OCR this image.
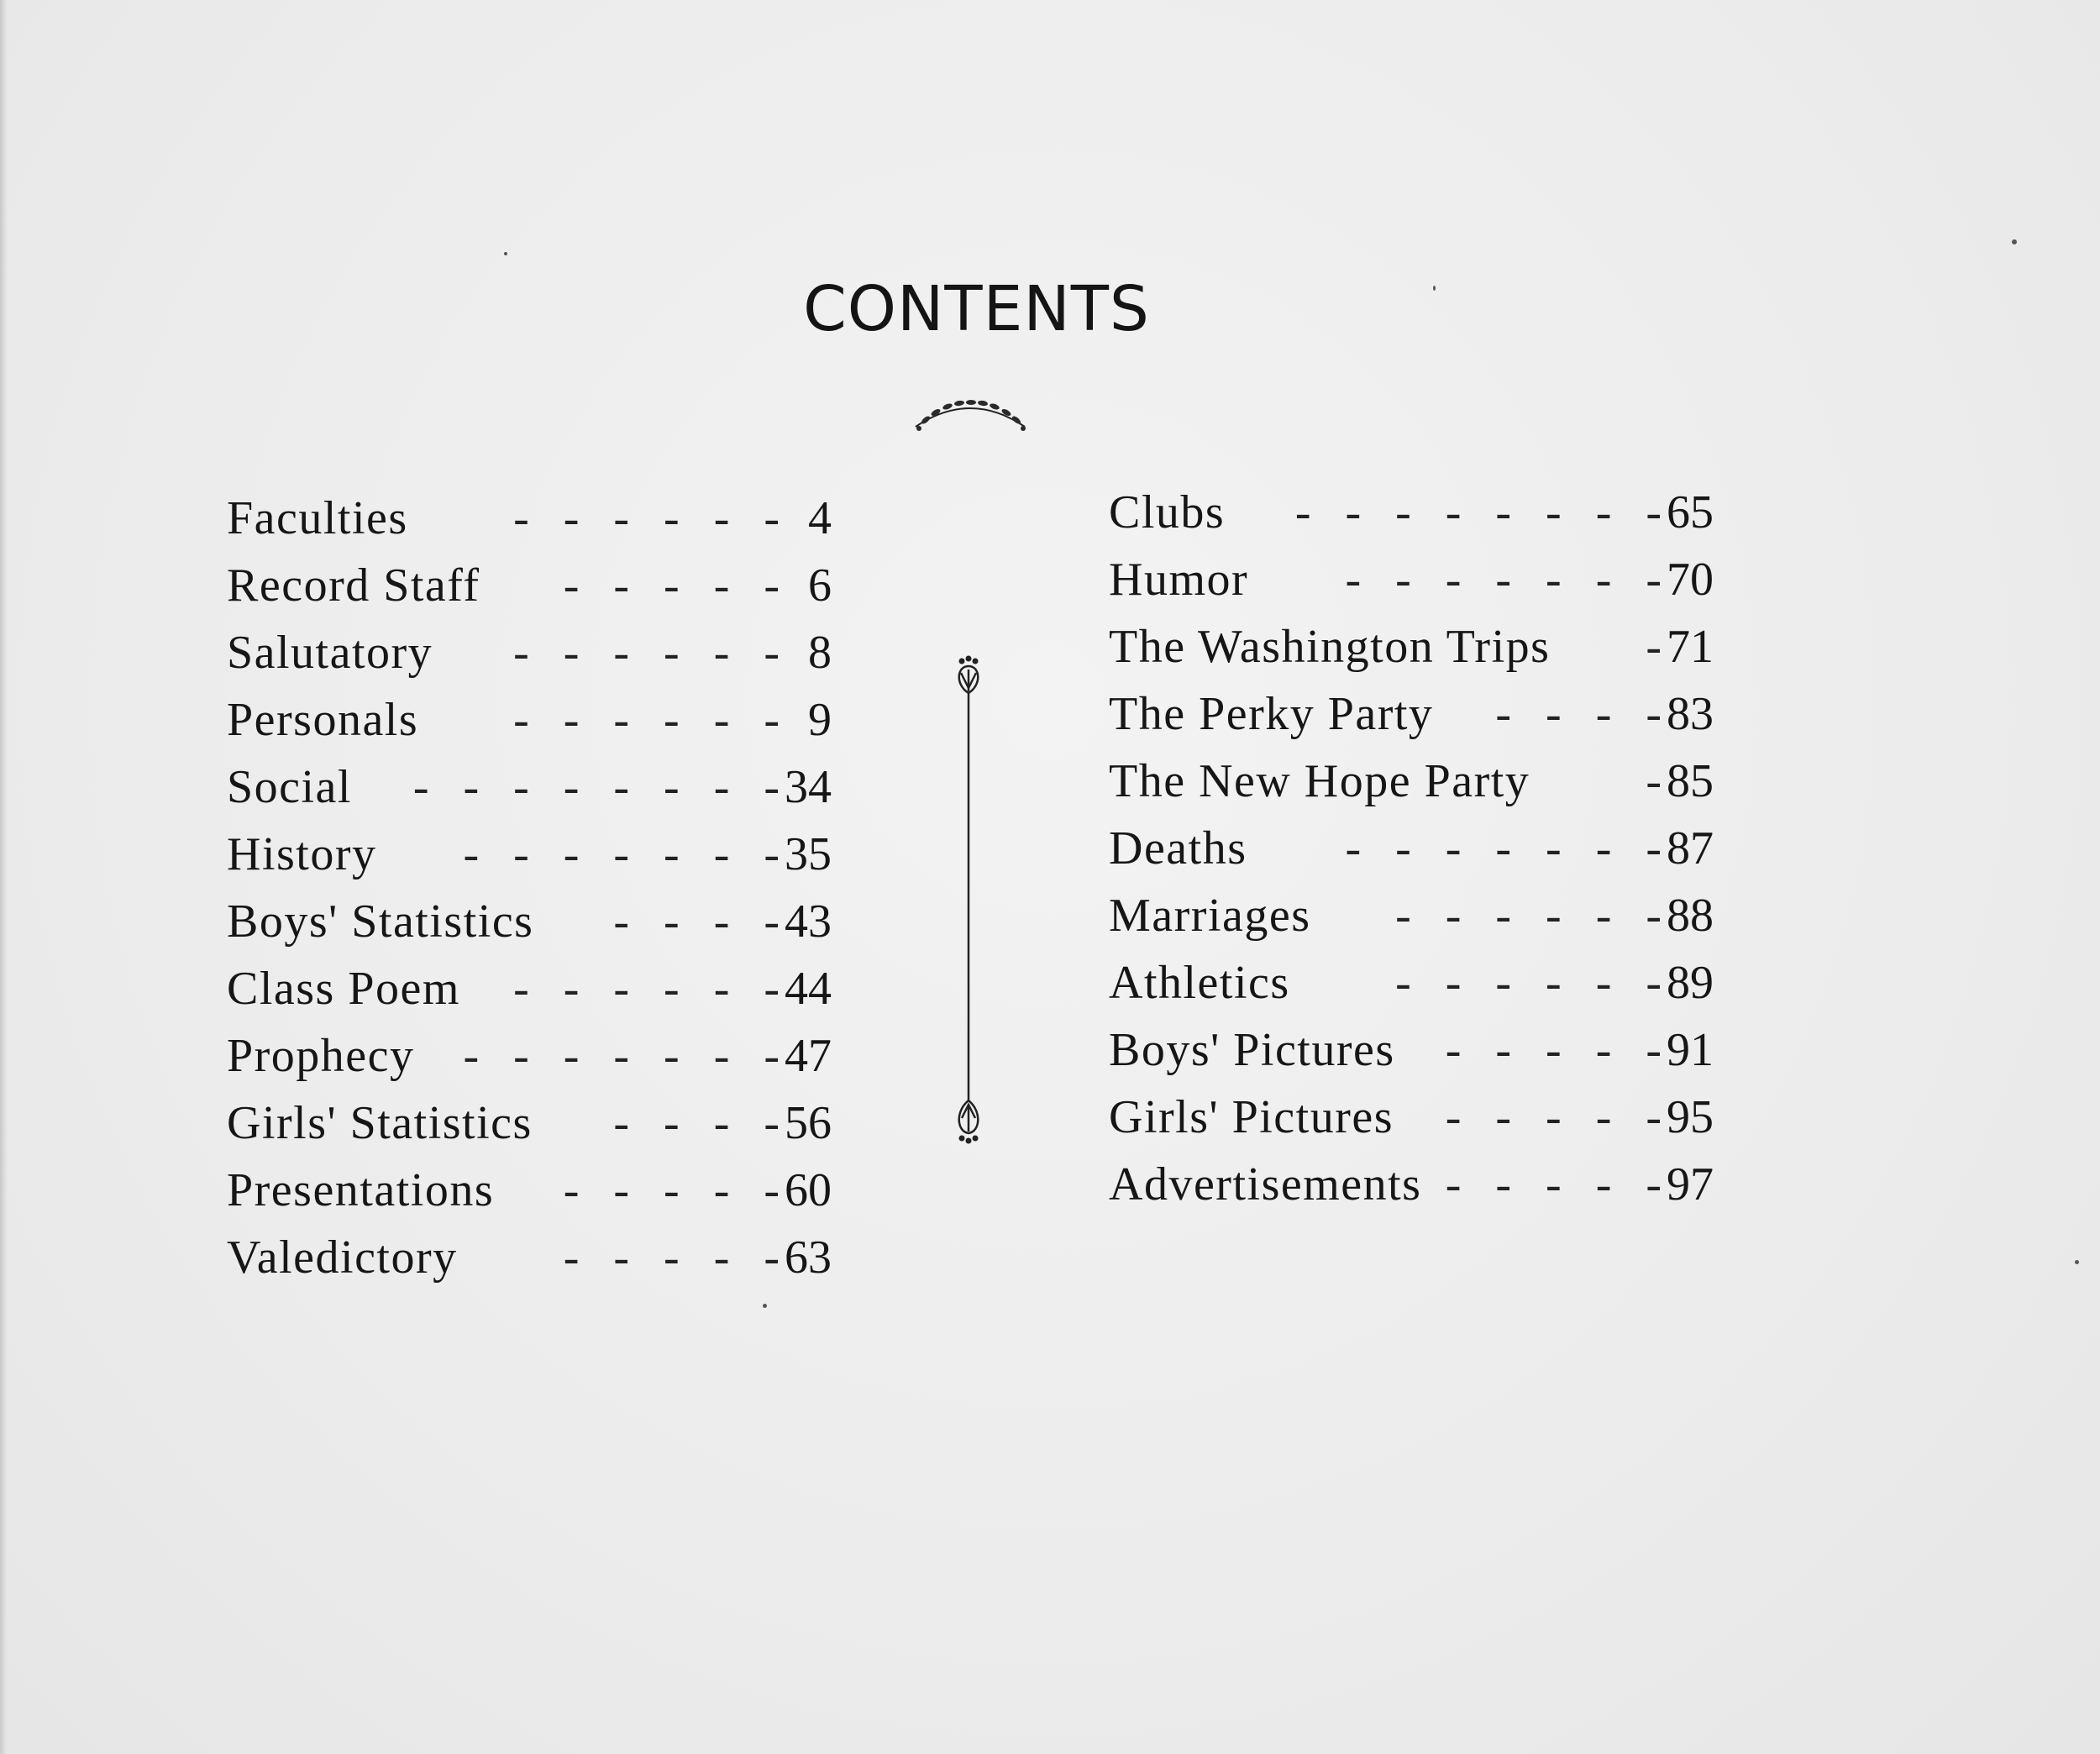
CONTENTS
Faculties - - - - - - 4
Record Staff - - - - - 6
Salutatory - - - - - - 8
Personals - - - - - - 9
Social - - - - - - - - 34
History - - - - - - - 35
Boys' Statistics - - - - 43
Class Poem - - - - - - 44
Prophecy - - - - - - - 47
Girls' Statistics - - - - 56
Presentations - - - - - 60
Valedictory - - - - - 63
Clubs - - - - - - - - 65
Humor - - - - - - - 70
The Washington Trips - 71
The Perky Party - - - - 83
The New Hope Party - 85
Deaths - - - - - - - 87
Marriages - - - - - - 88
Athletics - - - - - - 89
Boys' Pictures - - - - - 91
Girls' Pictures - - - - - 95
Advertisements - - - - - 97
